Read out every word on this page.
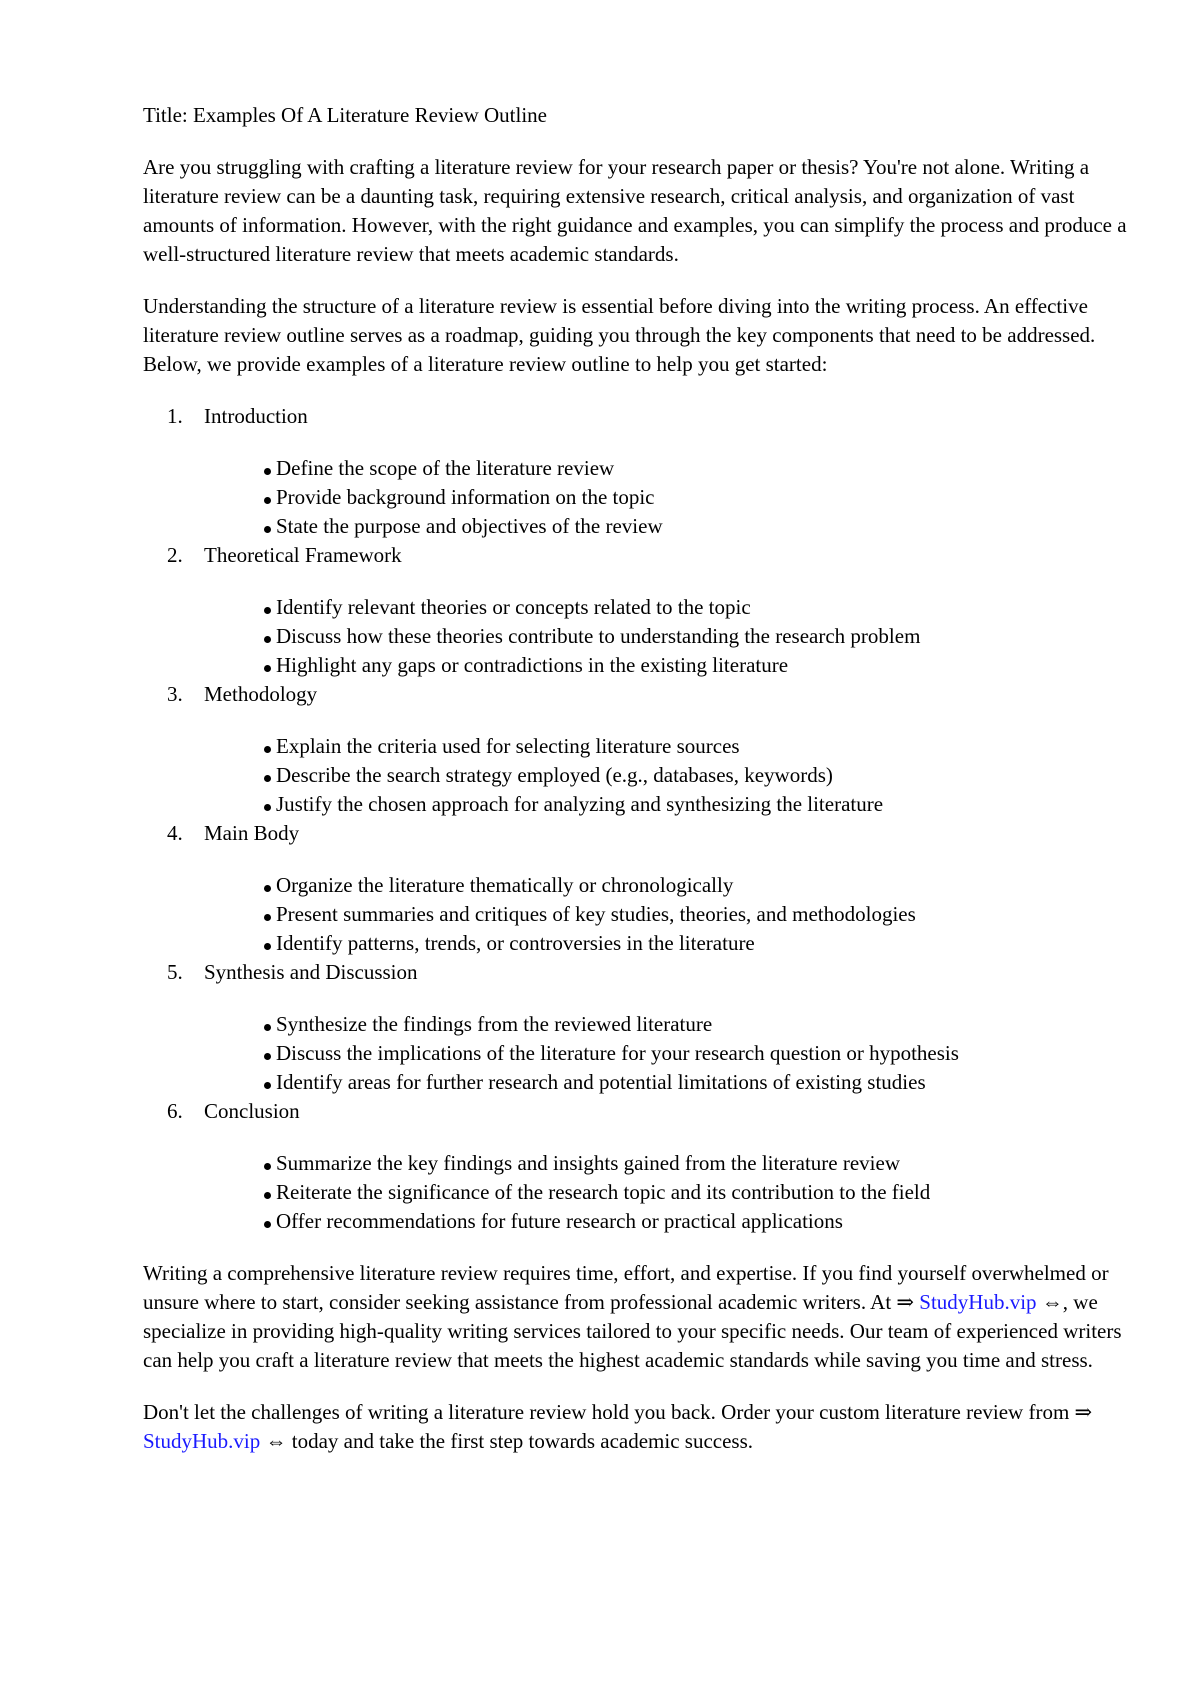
Title: Examples Of A Literature Review Outline

Are you struggling with crafting a literature review for your research paper or thesis? You're not alone. Writing a literature review can be a daunting task, requiring extensive research, critical analysis, and organization of vast amounts of information. However, with the right guidance and examples, you can simplify the process and produce a well-structured literature review that meets academic standards.

Understanding the structure of a literature review is essential before diving into the writing process. An effective literature review outline serves as a roadmap, guiding you through the key components that need to be addressed. Below, we provide examples of a literature review outline to help you get started:

1. Introduction
Define the scope of the literature review
Provide background information on the topic
State the purpose and objectives of the review
2. Theoretical Framework
Identify relevant theories or concepts related to the topic
Discuss how these theories contribute to understanding the research problem
Highlight any gaps or contradictions in the existing literature
3. Methodology
Explain the criteria used for selecting literature sources
Describe the search strategy employed (e.g., databases, keywords)
Justify the chosen approach for analyzing and synthesizing the literature
4. Main Body
Organize the literature thematically or chronologically
Present summaries and critiques of key studies, theories, and methodologies
Identify patterns, trends, or controversies in the literature
5. Synthesis and Discussion
Synthesize the findings from the reviewed literature
Discuss the implications of the literature for your research question or hypothesis
Identify areas for further research and potential limitations of existing studies
6. Conclusion
Summarize the key findings and insights gained from the literature review
Reiterate the significance of the research topic and its contribution to the field
Offer recommendations for future research or practical applications

Writing a comprehensive literature review requires time, effort, and expertise. If you find yourself overwhelmed or unsure where to start, consider seeking assistance from professional academic writers. At ⇒ StudyHub.vip ⇔, we specialize in providing high-quality writing services tailored to your specific needs. Our team of experienced writers can help you craft a literature review that meets the highest academic standards while saving you time and stress.

Don't let the challenges of writing a literature review hold you back. Order your custom literature review from ⇒ StudyHub.vip ⇔ today and take the first step towards academic success.
